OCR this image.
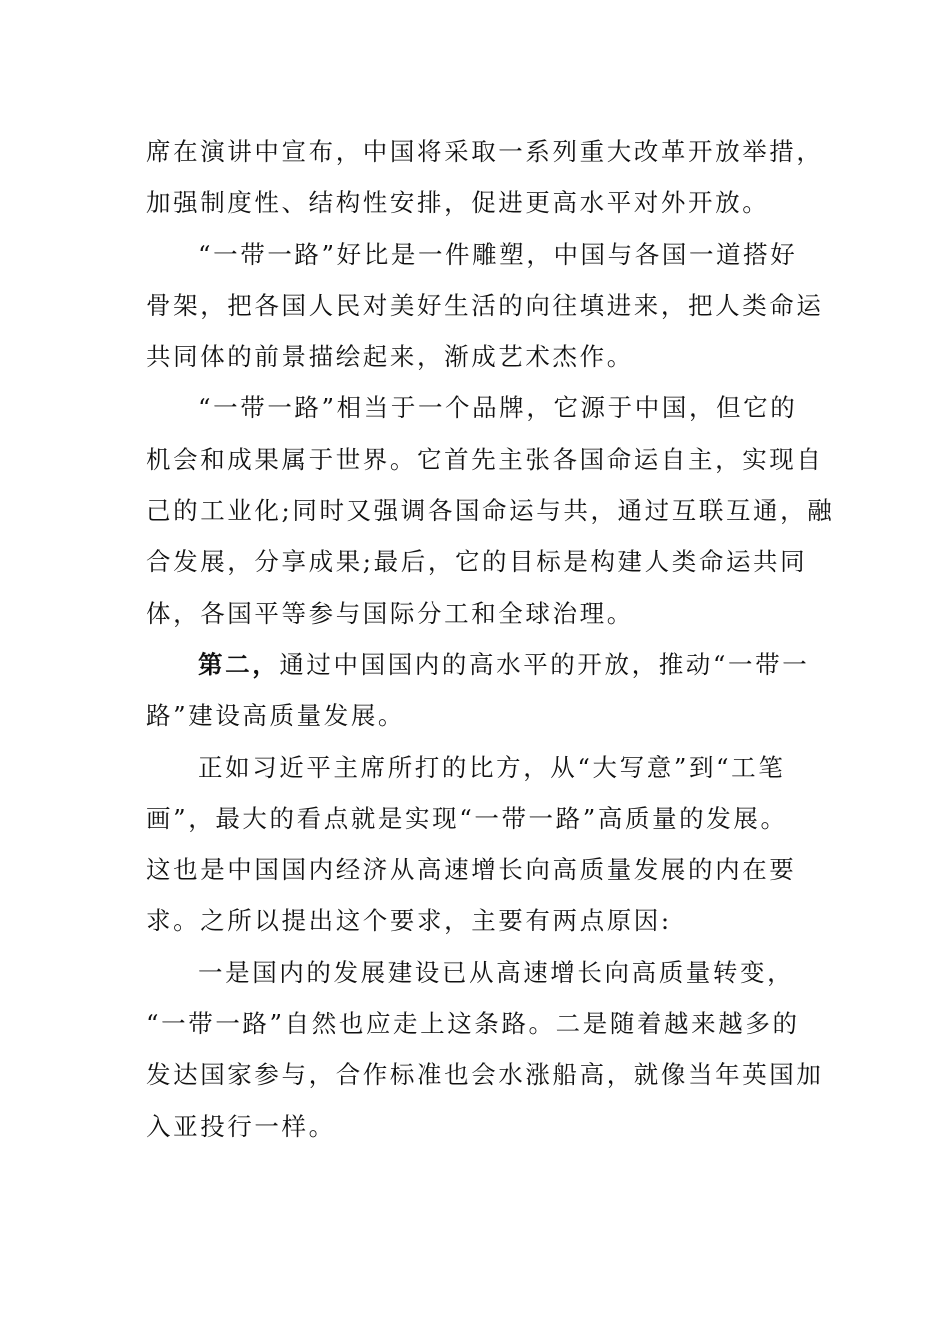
席在演讲中宣布，中国将采取一系列重大改革开放举措，
加强制度性、结构性安排，促进更高水平对外开放。
“一带一路”好比是一件雕塑，中国与各国一道搭好
骨架，把各国人民对美好生活的向往填进来，把人类命运
共同体的前景描绘起来，渐成艺术杰作。
“一带一路”相当于一个品牌，它源于中国，但它的
机会和成果属于世界。它首先主张各国命运自主，实现自
己的工业化;同时又强调各国命运与共，通过互联互通，融
合发展，分享成果;最后，它的目标是构建人类命运共同
体，各国平等参与国际分工和全球治理。
第二，通过中国国内的高水平的开放，推动“一带一
路”建设高质量发展。
正如习近平主席所打的比方，从“大写意”到“工笔
画”，最大的看点就是实现“一带一路”高质量的发展。
这也是中国国内经济从高速增长向高质量发展的内在要
求。之所以提出这个要求，主要有两点原因:
一是国内的发展建设已从高速增长向高质量转变，
“一带一路”自然也应走上这条路。二是随着越来越多的
发达国家参与，合作标准也会水涨船高，就像当年英国加
入亚投行一样。
